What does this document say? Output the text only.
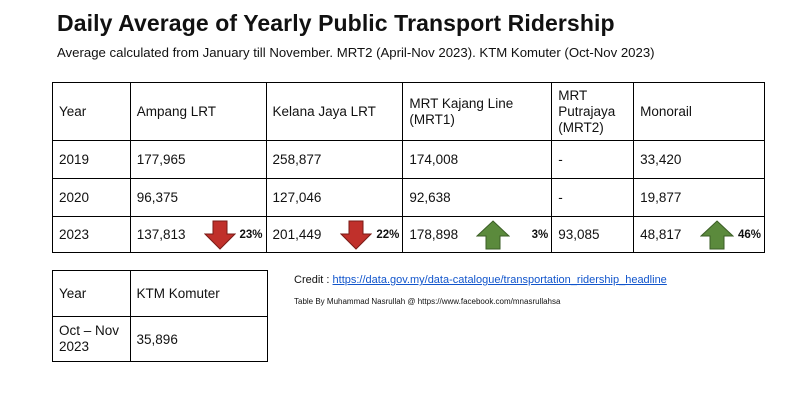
Daily Average of Yearly Public Transport Ridership
Average calculated from January till November. MRT2 (April-Nov 2023). KTM Komuter (Oct-Nov 2023)
Year	Ampang LRT	Kelana Jaya LRT	MRT Kajang Line (MRT1)	MRT Putrajaya (MRT2)	Monorail
2019	177,965	258,877	174,008	-	33,420
2020	96,375	127,046	92,638	-	19,877
2023	137,813 23%	201,449 22%	178,898 3%	93,085	48,817 46%
Year	KTM Komuter
Oct – Nov 2023	35,896
Credit : https://data.gov.my/data-catalogue/transportation_ridership_headline
Table By Muhammad Nasrullah @ https://www.facebook.com/mnasrullahsa
